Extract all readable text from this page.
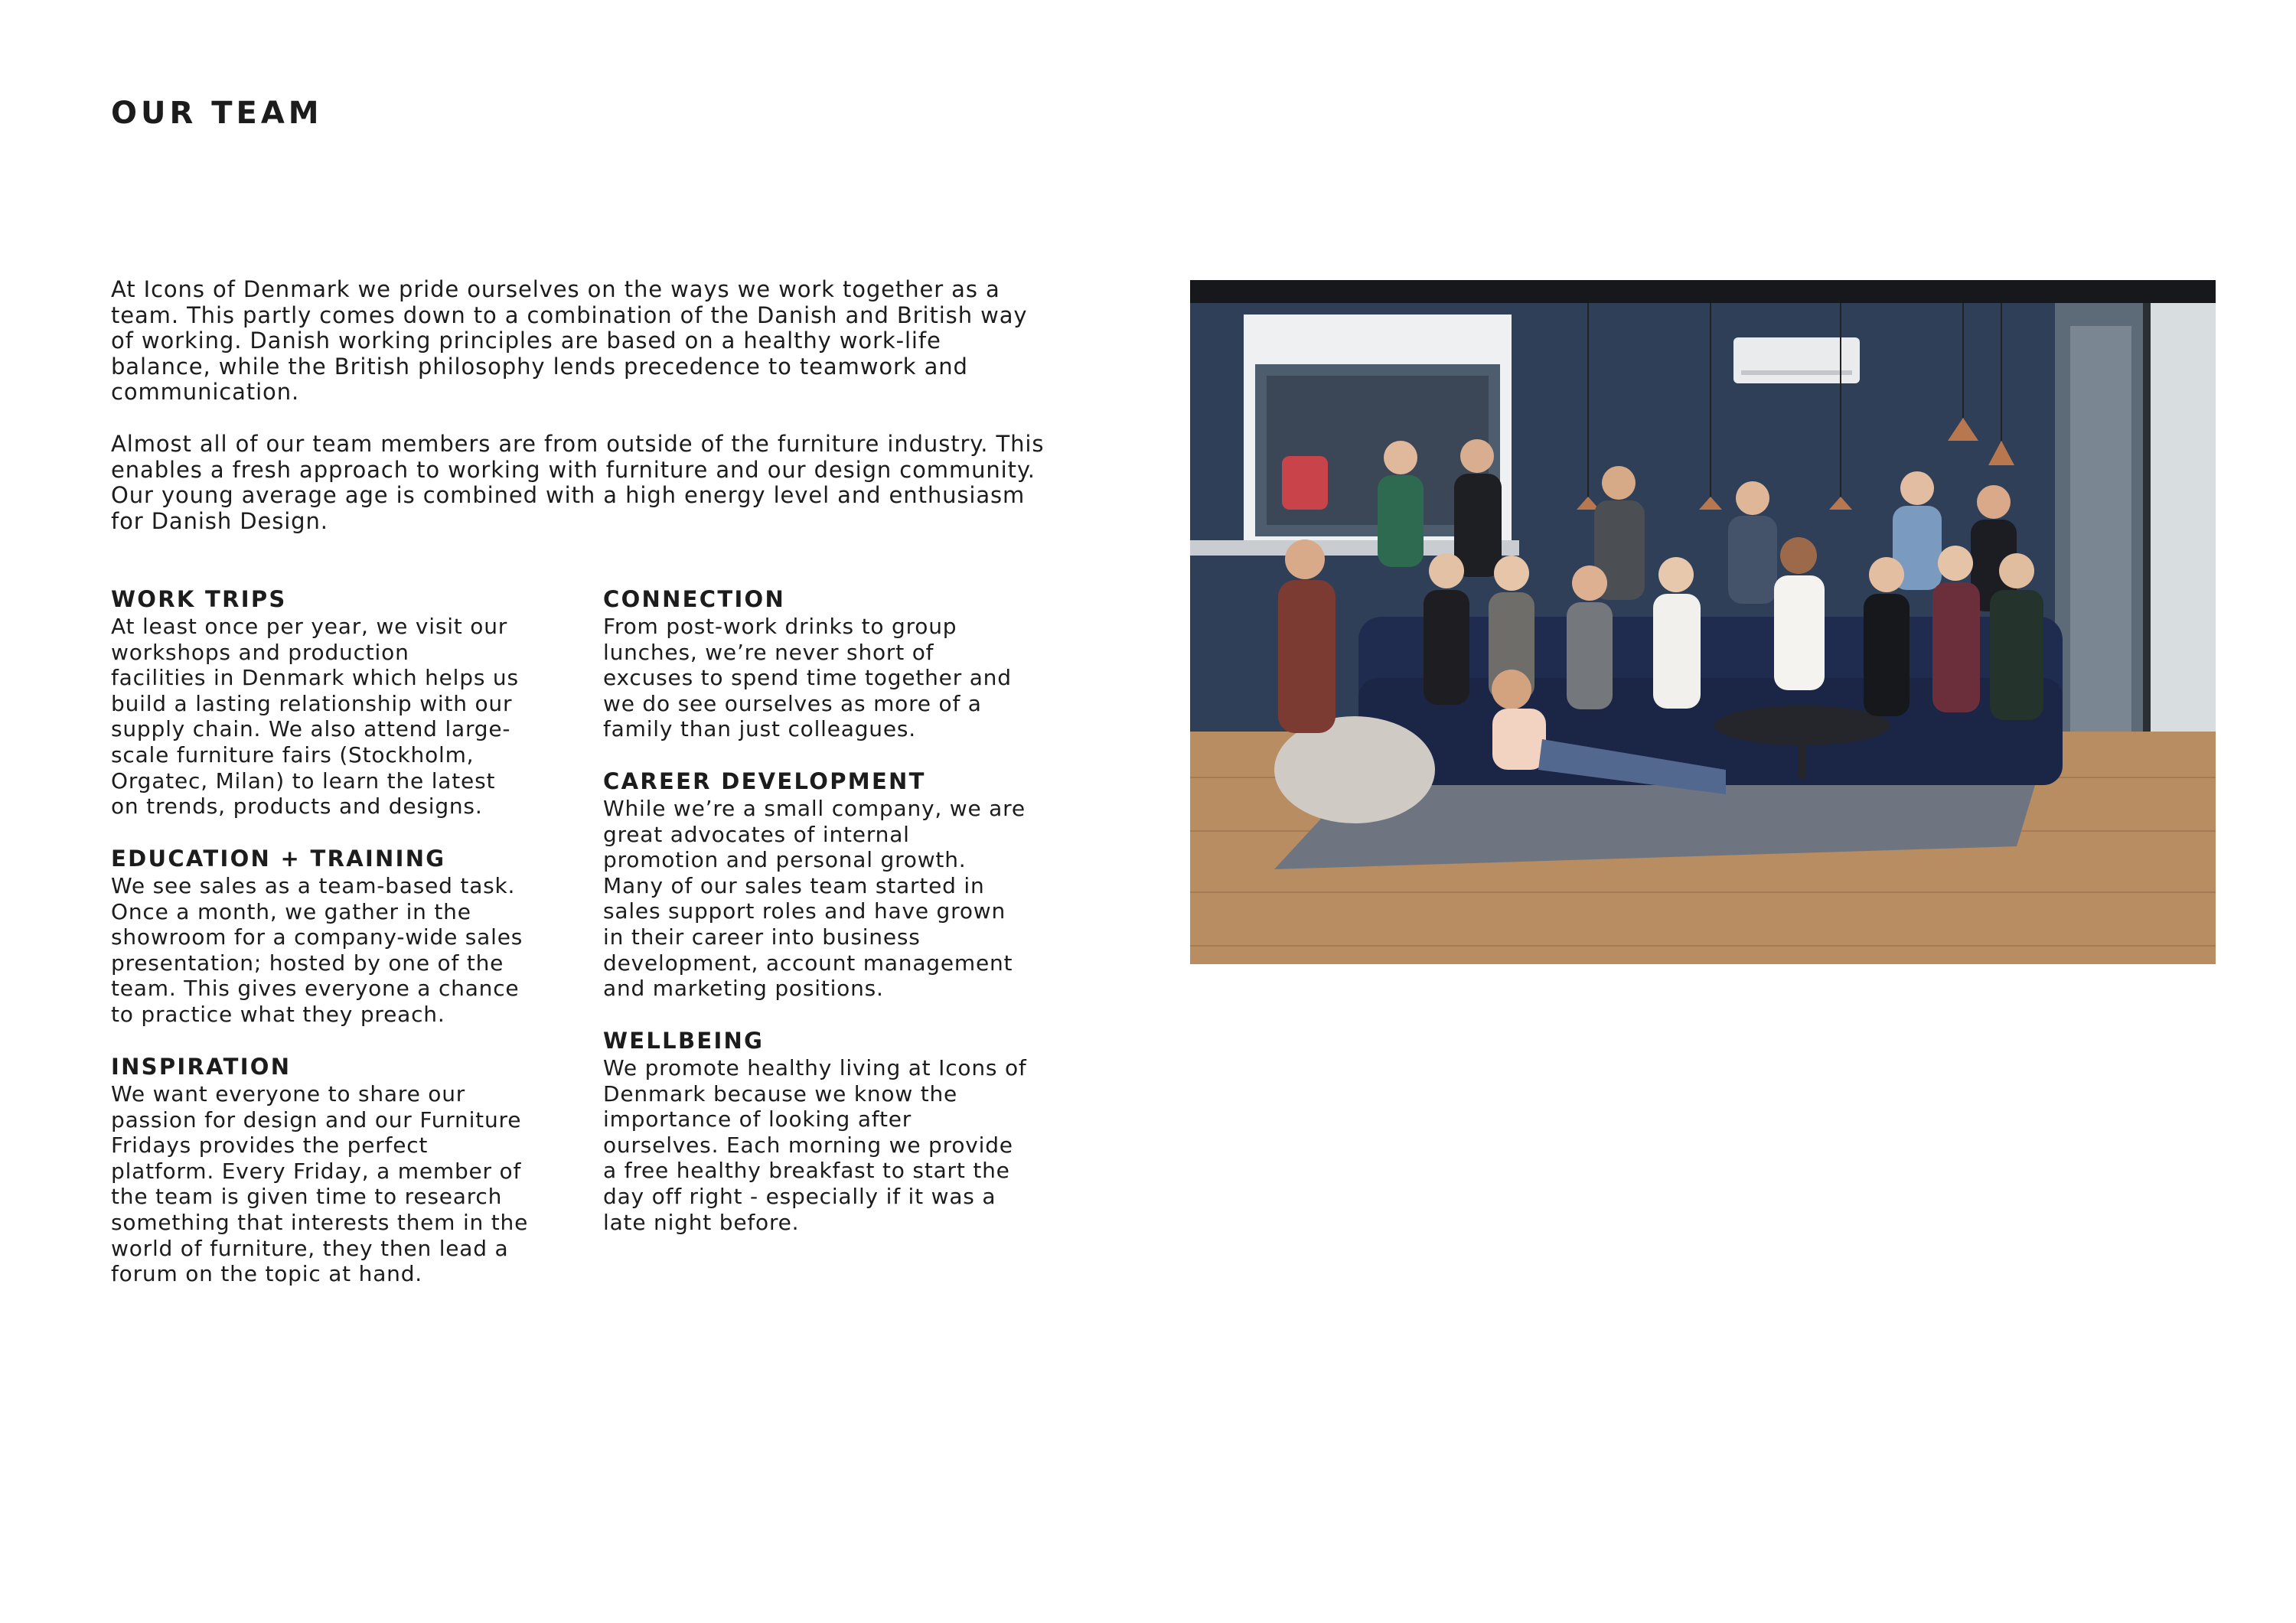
OUR TEAM

At Icons of Denmark we pride ourselves on the ways we work together as a
team. This partly comes down to a combination of the Danish and British way
of working. Danish working principles are based on a healthy work-life
balance, while the British philosophy lends precedence to teamwork and
communication.

Almost all of our team members are from outside of the furniture industry. This
enables a fresh approach to working with furniture and our design community.
Our young average age is combined with a high energy level and enthusiasm
for Danish Design.

WORK TRIPS

At least once per year, we visit our
workshops and production
facilities in Denmark which helps us
build a lasting relationship with our
supply chain. We also attend large-
scale furniture fairs (Stockholm,
Orgatec, Milan) to learn the latest
on trends, products and designs.

EDUCATION + TRAINING

We see sales as a team-based task.
Once a month, we gather in the
showroom for a company-wide sales
presentation; hosted by one of the
team. This gives everyone a chance
to practice what they preach.

INSPIRATION

We want everyone to share our
passion for design and our Furniture
Fridays provides the perfect
platform. Every Friday, a member of
the team is given time to research
something that interests them in the
world of furniture, they then lead a
forum on the topic at hand.

CONNECTION

From post-work drinks to group
lunches, we’re never short of
excuses to spend time together and
we do see ourselves as more of a
family than just colleagues.

CAREER DEVELOPMENT

While we’re a small company, we are
great advocates of internal
promotion and personal growth.
Many of our sales team started in
sales support roles and have grown
in their career into business
development, account management
and marketing positions.

WELLBEING

We promote healthy living at Icons of
Denmark because we know the
importance of looking after
ourselves. Each morning we provide
a free healthy breakfast to start the
day off right - especially if it was a
late night before.
